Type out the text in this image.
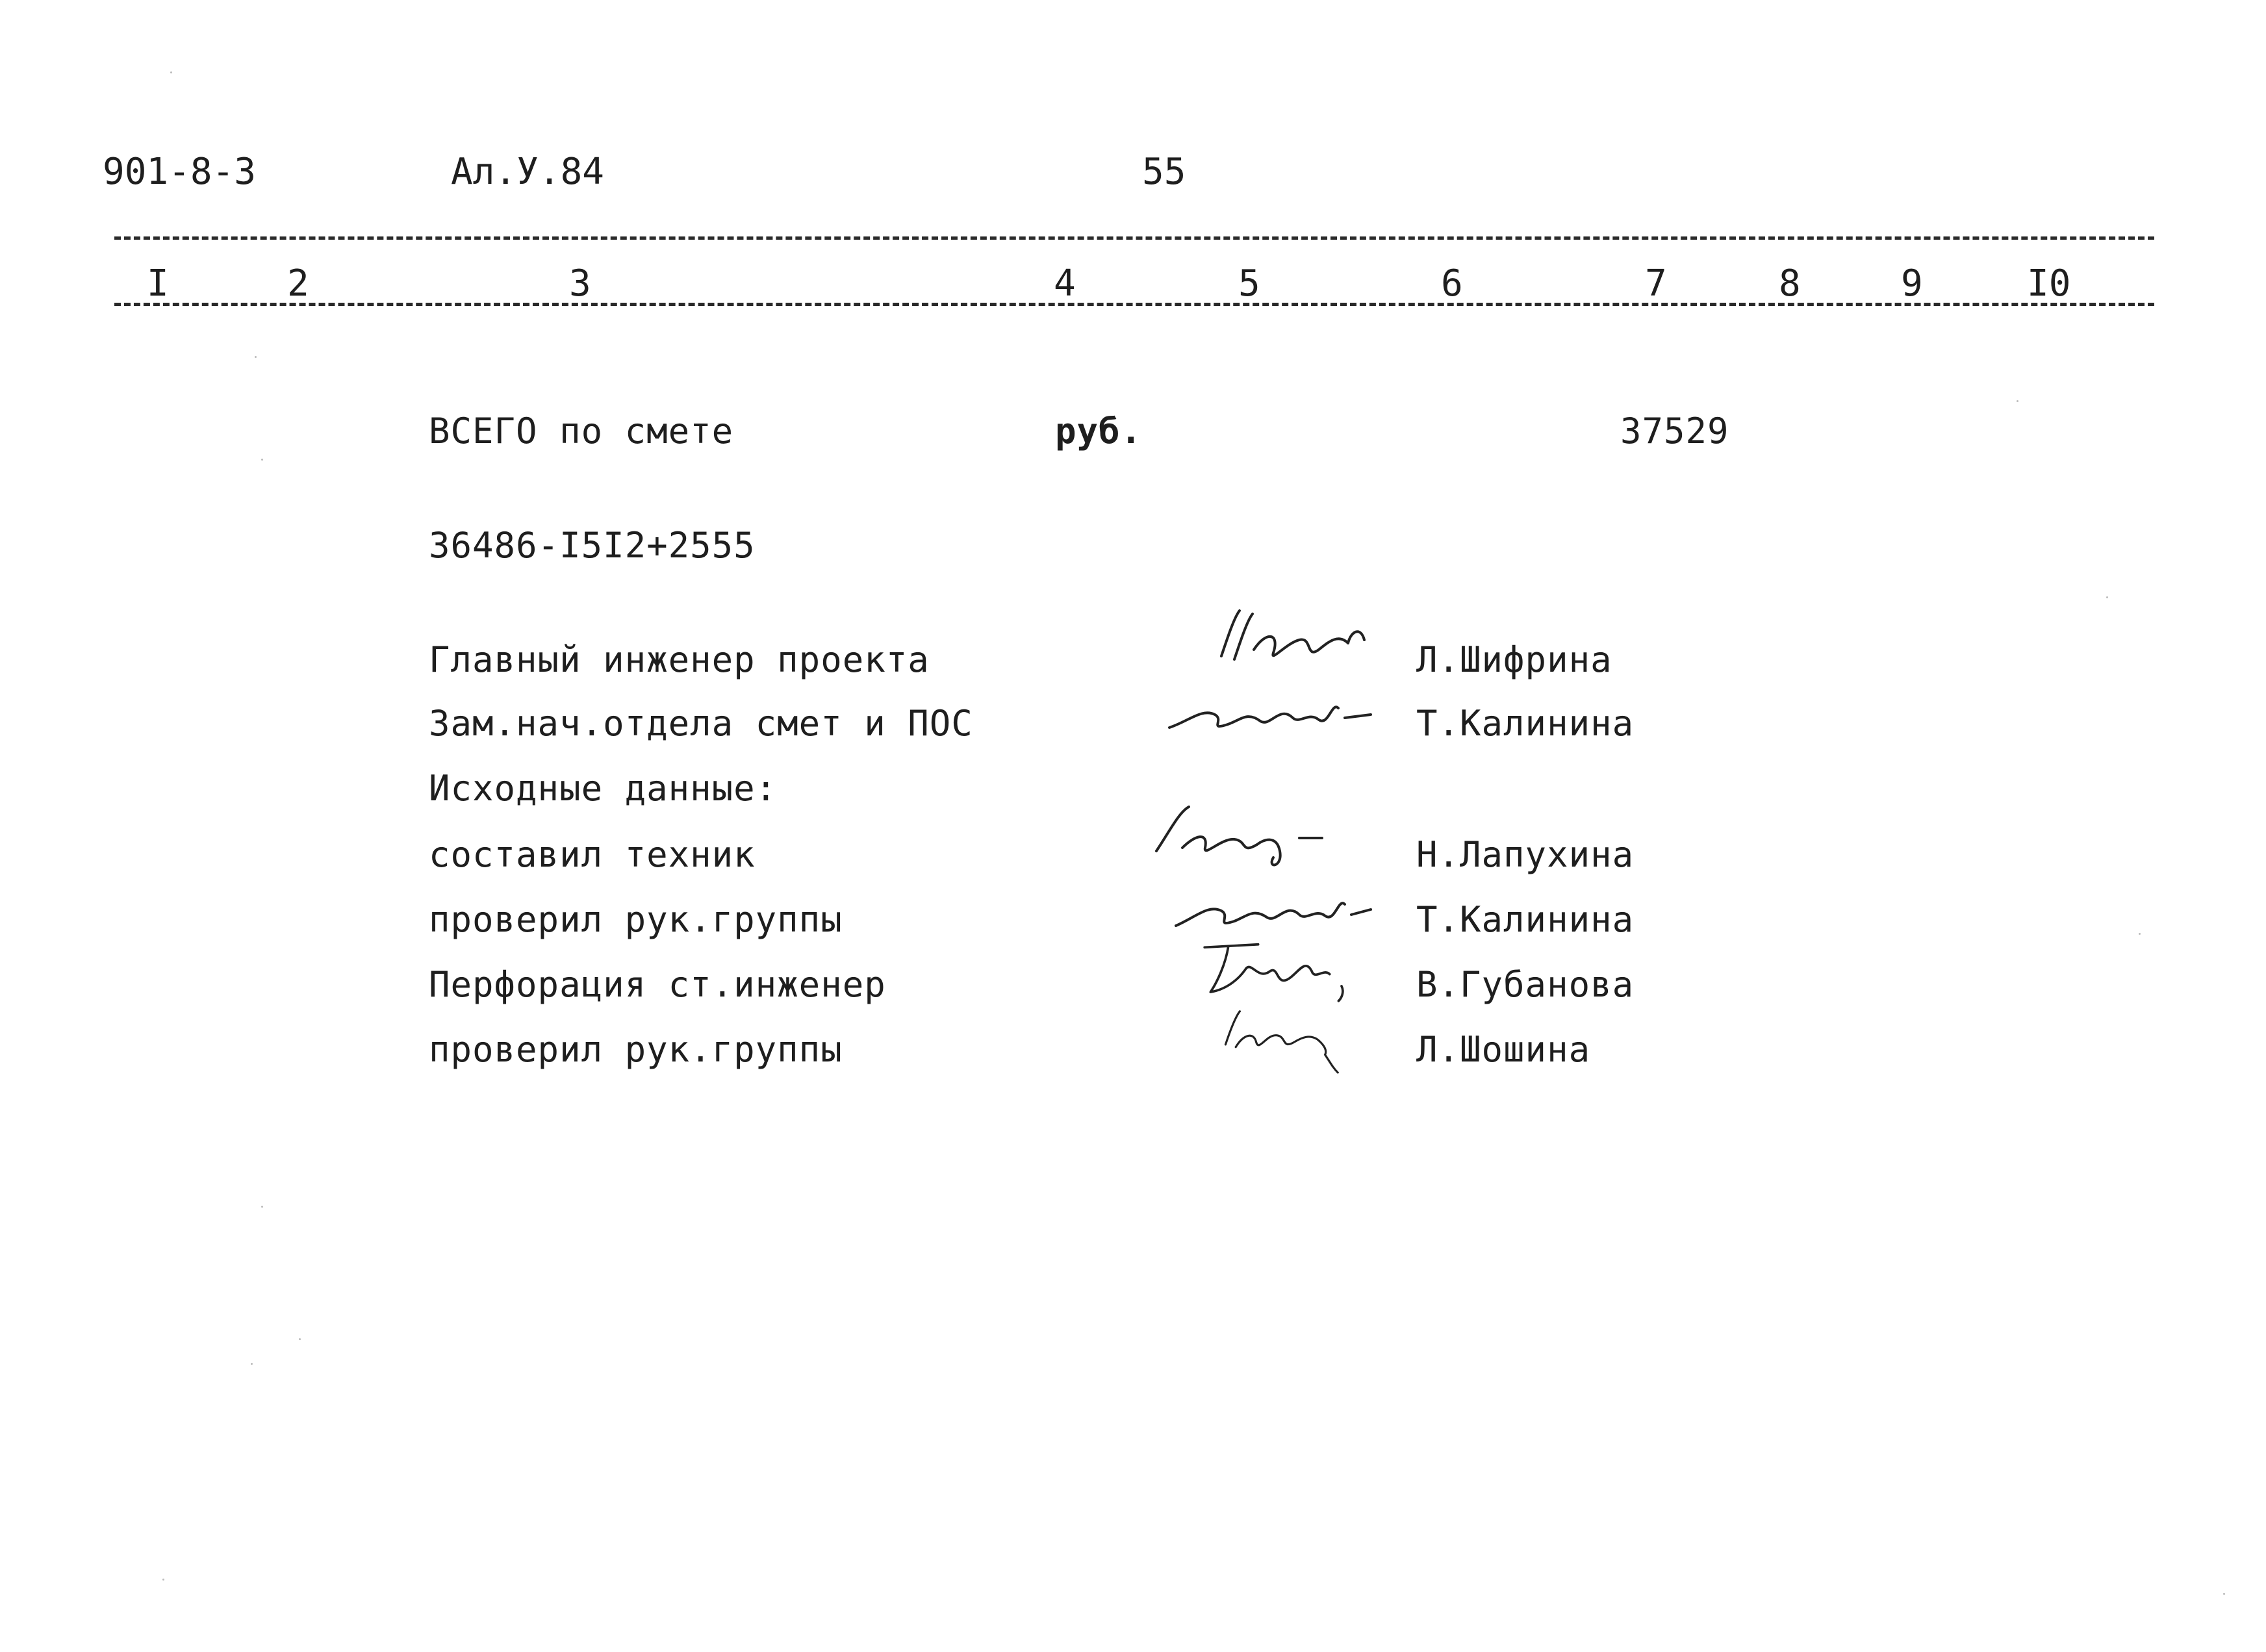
901-8-3	Ал.У.84	55
I	2	3	4	5	6	7	8	9	I0
ВСЕГО по смете	руб.	37529
36486-I5I2+2555
Главный инженер проекта	Л.Шифрина
Зам.нач.отдела смет и ПОС	Т.Калинина
Исходные данные:
составил техник	Н.Лапухина
проверил рук.группы	Т.Калинина
Перфорация ст.инженер	В.Губанова
проверил рук.группы	Л.Шошина
